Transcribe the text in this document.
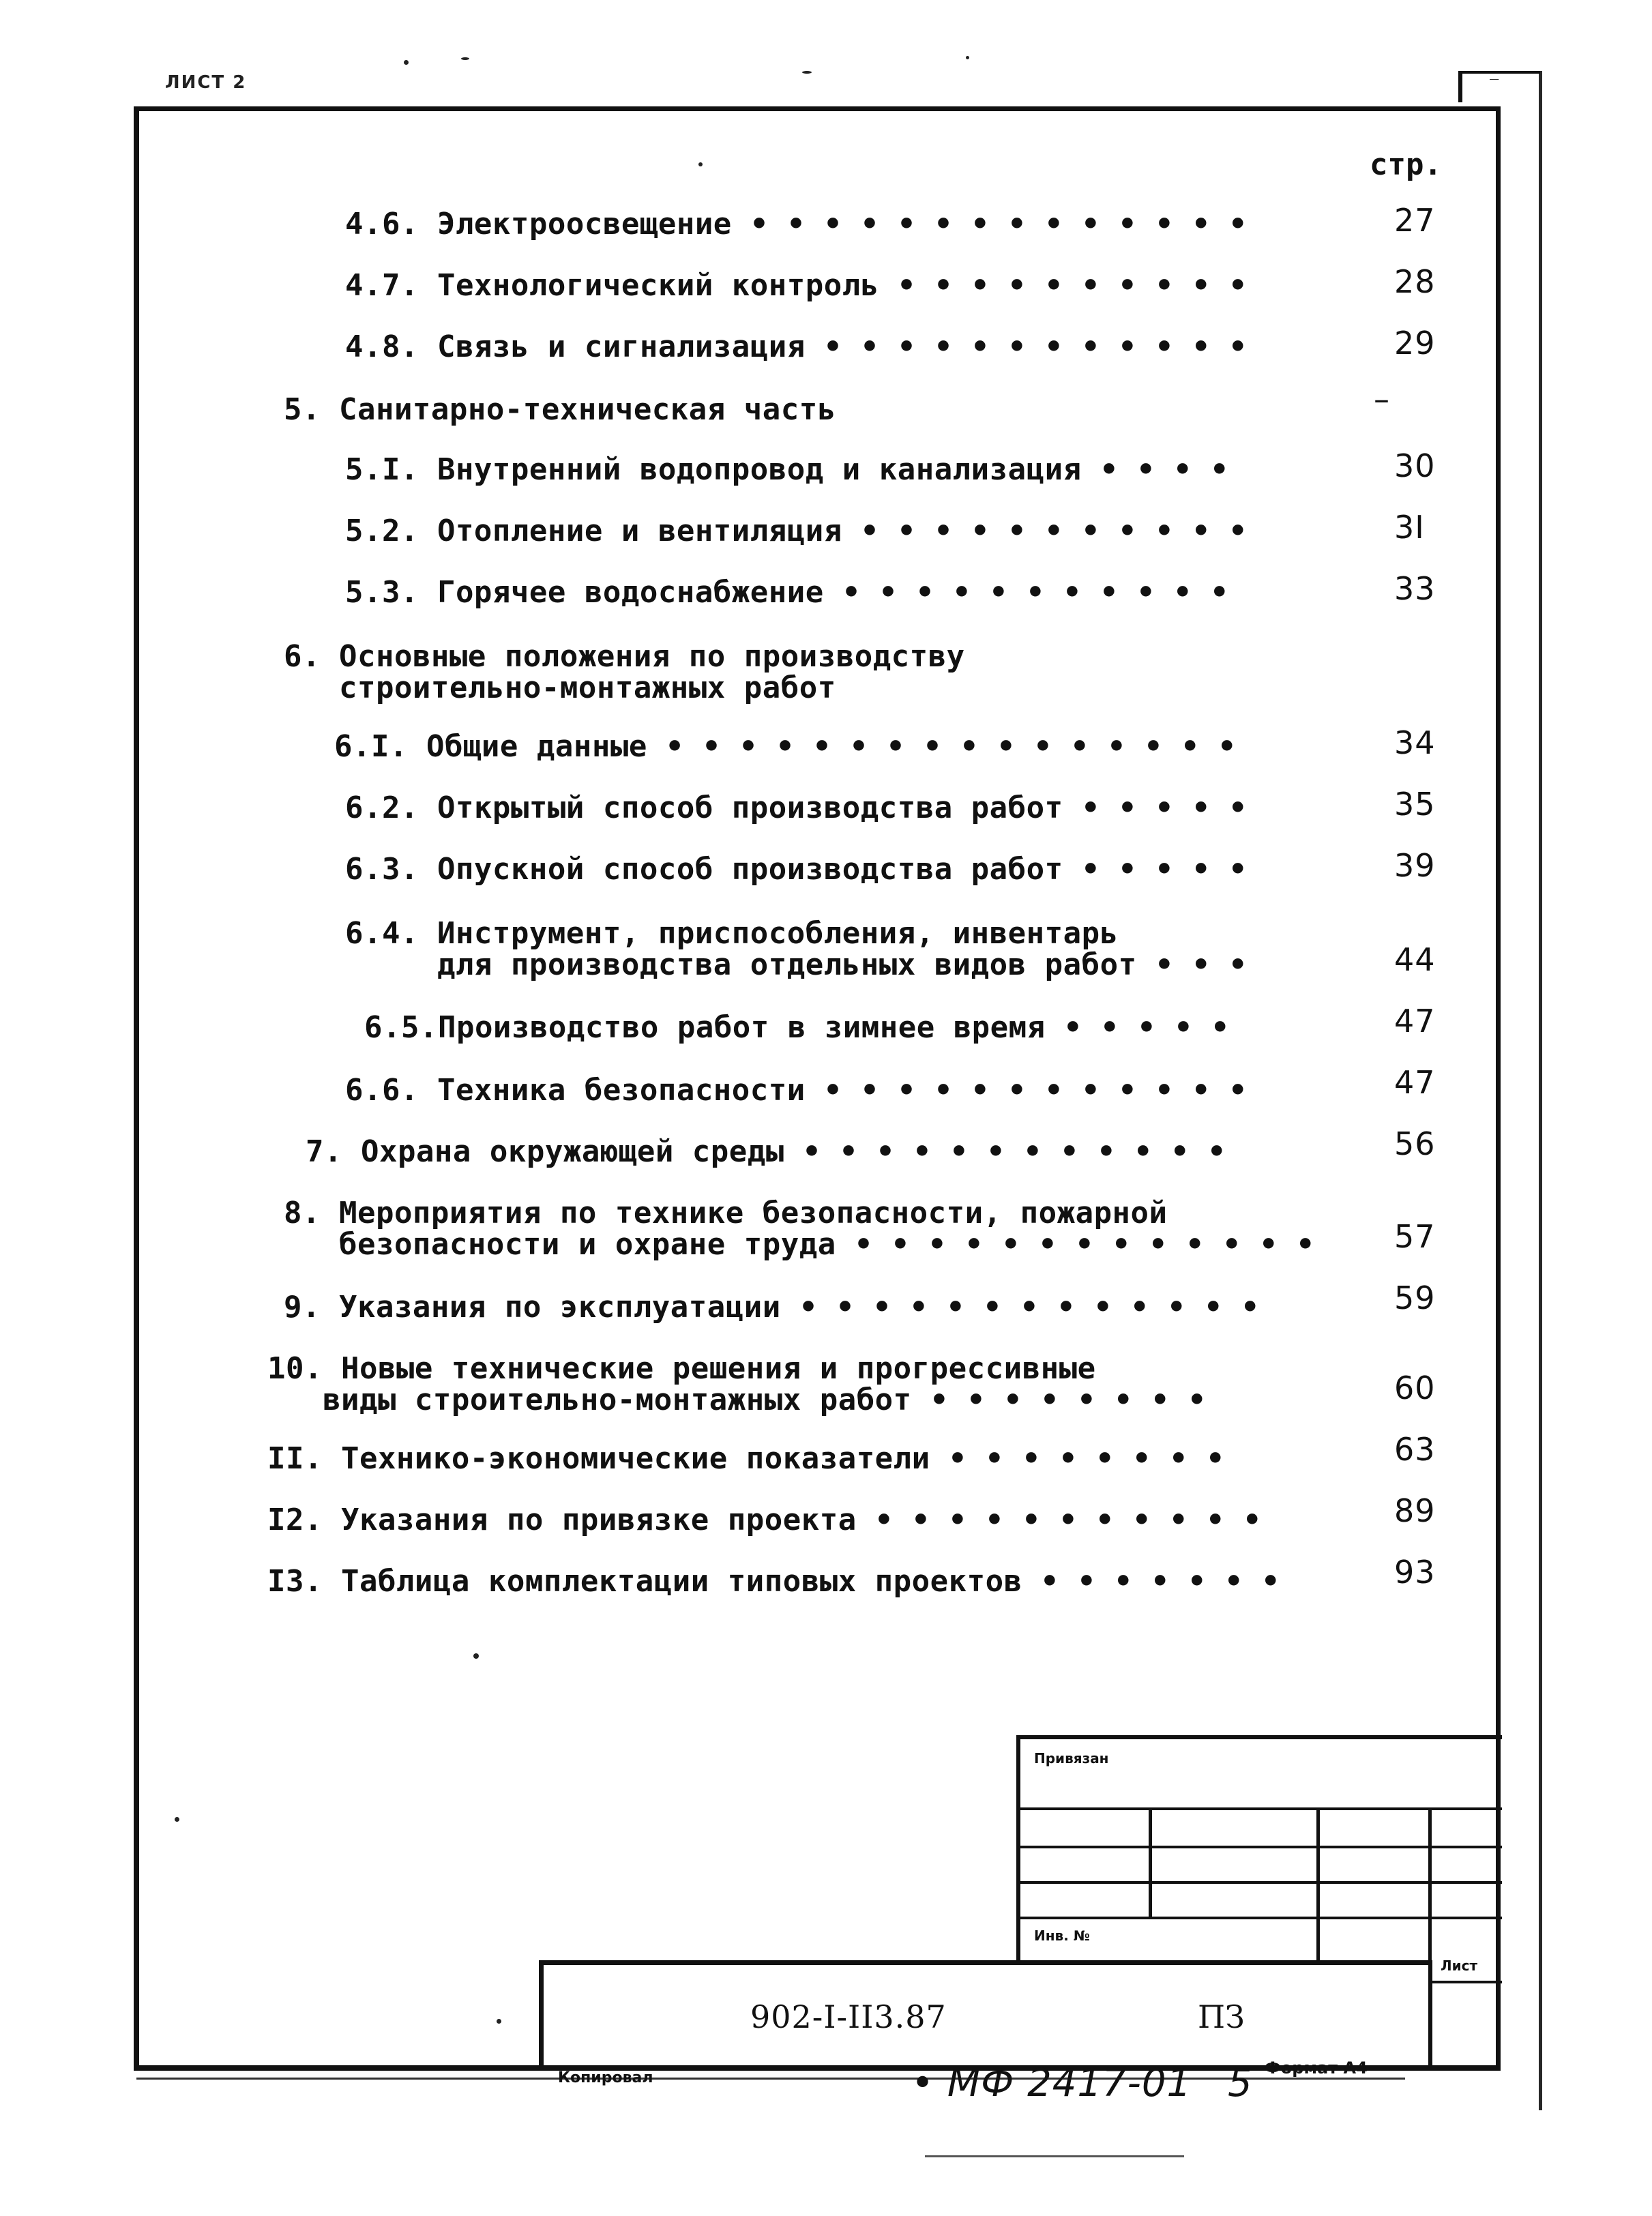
ЛИСТ 2	‾
стр.
4.6. Электроосвещение • • • • • • • • • • • • • •	27
4.7. Технологический контроль • • • • • • • • • •	28
4.8. Связь и сигнализация • • • • • • • • • • • •	29
5. Санитарно-техническая часть	–
5.I. Внутренний водопровод и канализация • • • •	30
5.2. Отопление и вентиляция • • • • • • • • • • •	3I
5.3. Горячее водоснабжение • • • • • • • • • • •	33
6. Основные положения по производству
строительно-монтажных работ
6.I. Общие данные • • • • • • • • • • • • • • • •	34
6.2. Открытый способ производства работ • • • • •	35
6.3. Опускной способ производства работ • • • • •	39
6.4. Инструмент, приспособления, инвентарь
для производства отдельных видов работ • • •	44
6.5.Производство работ в зимнее время • • • • •	47
6.6. Техника безопасности • • • • • • • • • • • •	47
7. Охрана окружающей среды • • • • • • • • • • • •	56
8. Мероприятия по технике безопасности, пожарной
безопасности и охране труда • • • • • • • • • • • • •	57
9. Указания по эксплуатации • • • • • • • • • • • • •	59
10. Новые технические решения и прогрессивные
виды строительно-монтажных работ • • • • • • • •	60
II. Технико-экономические показатели • • • • • • • •	63
I2. Указания по привязке проекта • • • • • • • • • • •	89
I3. Таблица комплектации типовых проектов • • • • • • •	93
Привязан
Инв. №
Лист
902-I-II3.87	ПЗ
Копировал	• МФ 2417-01 5 Формат А4
